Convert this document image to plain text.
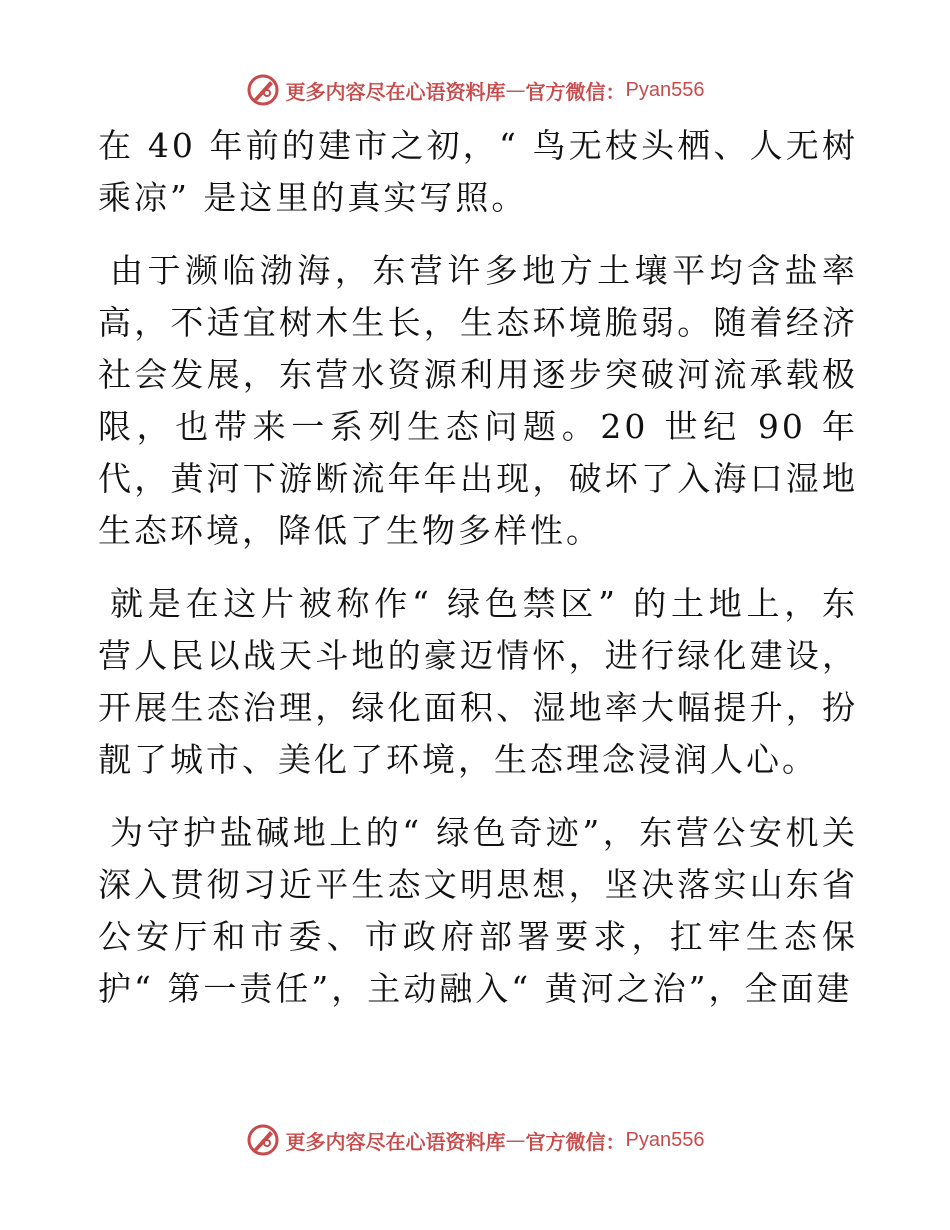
更多内容尽在心语资料库 — 官方微信： Pyan556

在 40 年前的建市之初，“ 鸟无枝头栖、人无树乘凉” 是这里的真实写照。

由于濒临渤海，东营许多地方土壤平均含盐率高，不适宜树木生长，生态环境脆弱。随着经济社会发展，东营水资源利用逐步突破河流承载极限，也带来一系列生态问题。20 世纪 90 年代，黄河下游断流年年出现，破坏了入海口湿地生态环境，降低了生物多样性。

就是在这片被称作“ 绿色禁区” 的土地上，东营人民以战天斗地的豪迈情怀，进行绿化建设，开展生态治理，绿化面积、湿地率大幅提升，扮靓了城市、美化了环境，生态理念浸润人心。

为守护盐碱地上的“ 绿色奇迹”，东营公安机关深入贯彻习近平生态文明思想，坚决落实山东省公安厅和市委、市政府部署要求，扛牢生态保护“ 第一责任”，主动融入“ 黄河之治”，全面建

更多内容尽在心语资料库 — 官方微信： Pyan556
